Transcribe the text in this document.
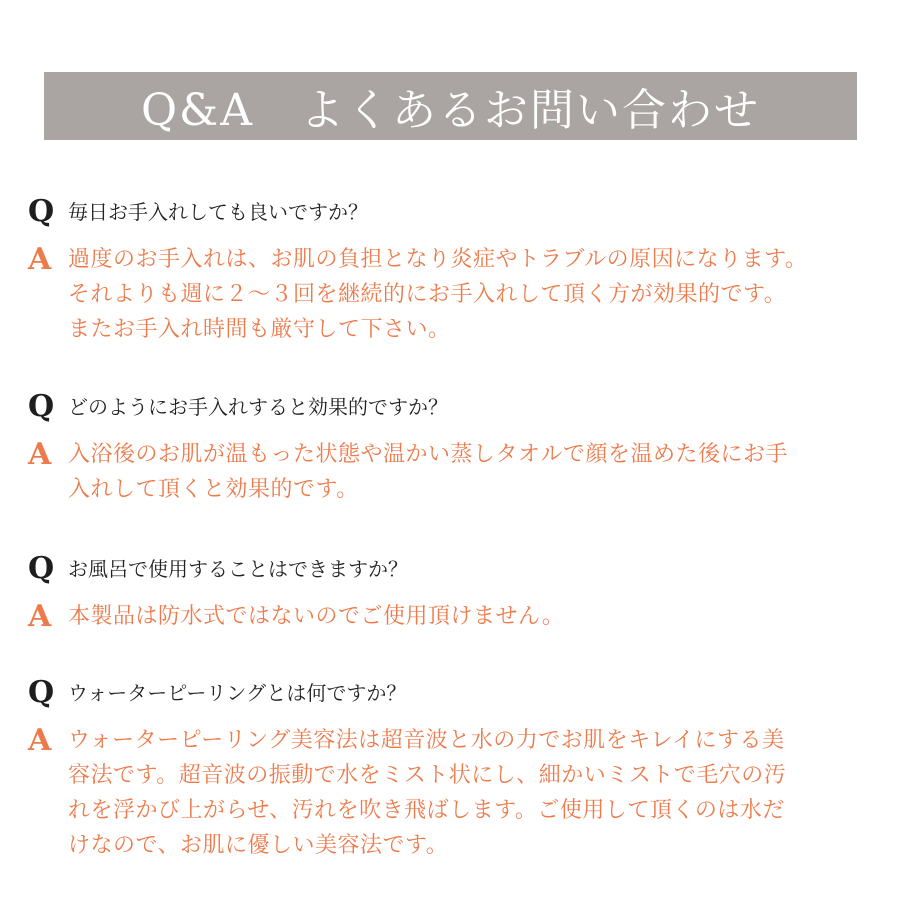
Q&A　よくあるお問い合わせ
Q 毎日お手入れしても良いですか？
A 過度のお手入れは、お肌の負担となり炎症やトラブルの原因になります。
それよりも週に２～３回を継続的にお手入れして頂く方が効果的です。
またお手入れ時間も厳守して下さい。
Q どのようにお手入れすると効果的ですか？
A 入浴後のお肌が温もった状態や温かい蒸しタオルで顔を温めた後にお手
入れして頂くと効果的です。
Q お風呂で使用することはできますか？
A 本製品は防水式ではないのでご使用頂けません。
Q ウォーターピーリングとは何ですか？
A ウォーターピーリング美容法は超音波と水の力でお肌をキレイにする美
容法です。超音波の振動で水をミスト状にし、細かいミストで毛穴の汚
れを浮かび上がらせ、汚れを吹き飛ばします。ご使用して頂くのは水だ
けなので、お肌に優しい美容法です。
